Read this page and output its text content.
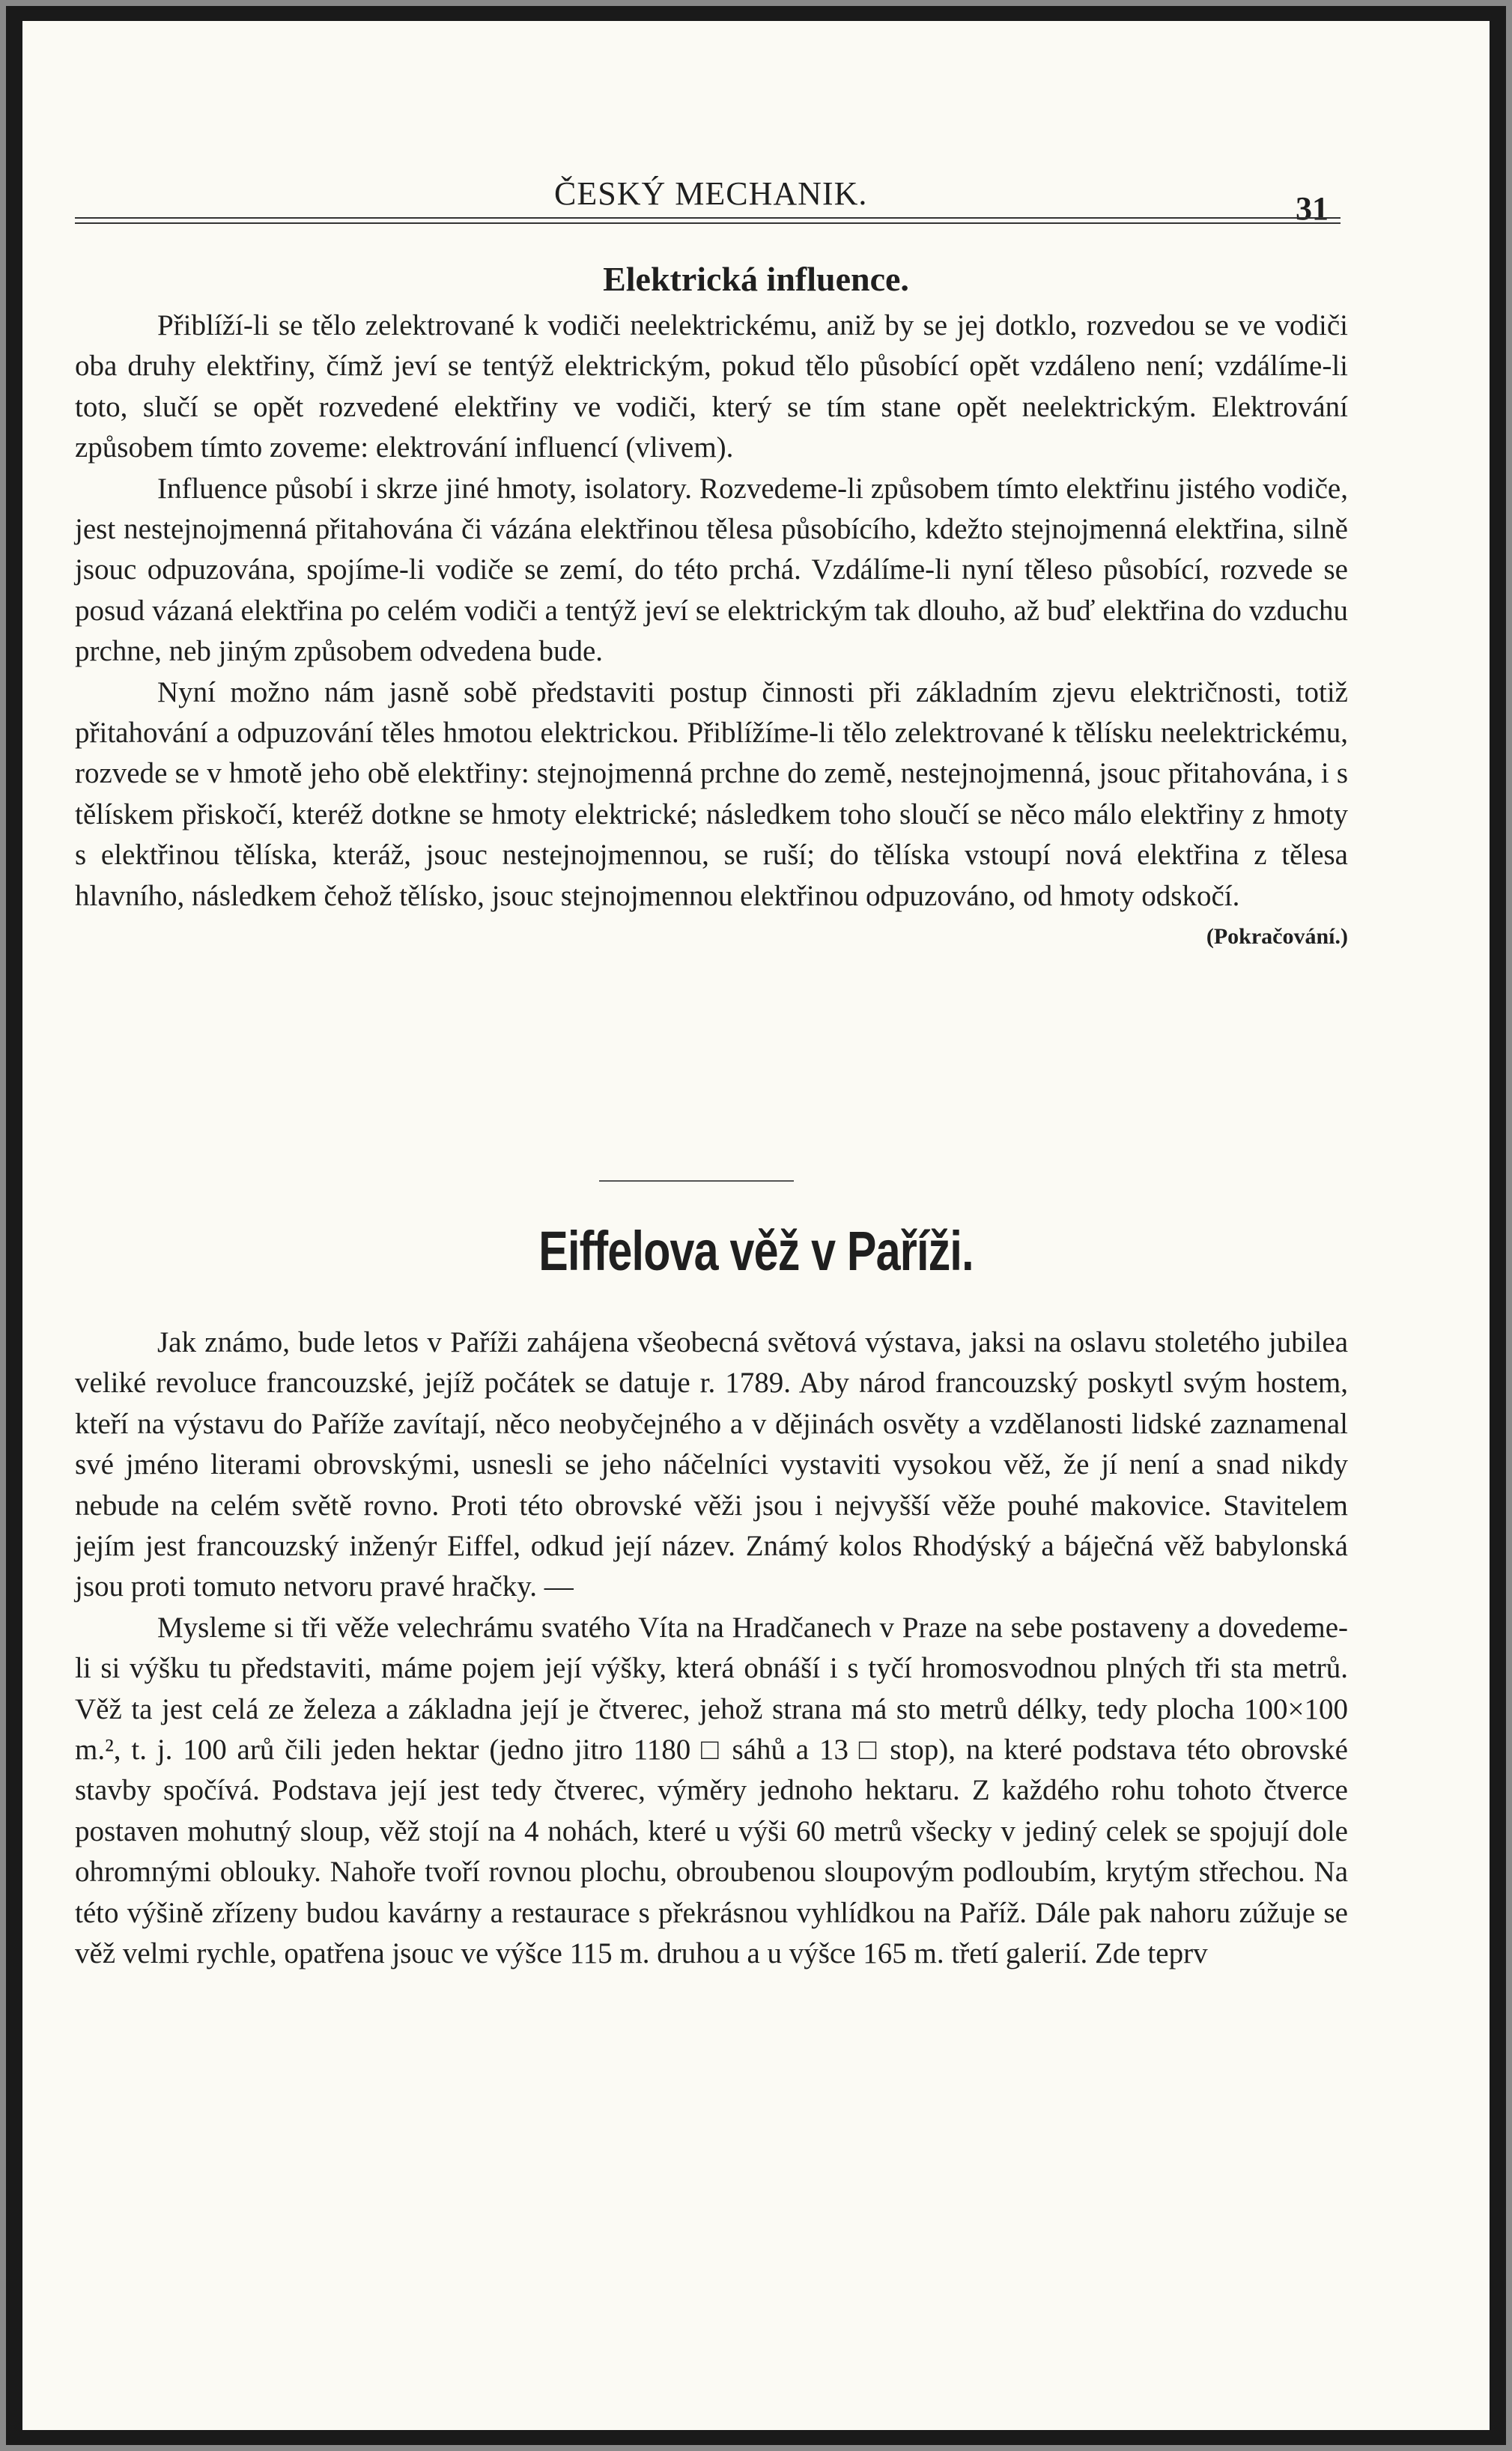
ČESKÝ MECHANIK.	31
Elektrická influence.

Přiblíží-li se tělo zelektrované k vodiči neelektrickému, aniž by se jej dotklo, rozvedou se ve vodiči oba druhy elektřiny, čímž jeví se tentýž elektrickým, pokud tělo působící opět vzdáleno není; vzdálíme-li toto, slučí se opět rozvedené elektřiny ve vodiči, který se tím stane opět neelektrickým. Elektrování způsobem tímto zoveme: elektrování influencí (vlivem).

Influence působí i skrze jiné hmoty, isolatory. Rozvedeme-li způsobem tímto elektřinu jistého vodiče, jest nestejnojmenná přitahována či vázána elektřinou tělesa působícího, kdežto stejnojmenná elektřina, silně jsouc odpuzována, spojíme-li vodiče se zemí, do této prchá. Vzdálíme-li nyní těleso působící, rozvede se posud vázaná elektřina po celém vodiči a tentýž jeví se elektrickým tak dlouho, až buď elektřina do vzduchu prchne, neb jiným způsobem odvedena bude.

Nyní možno nám jasně sobě představiti postup činnosti při základním zjevu električnosti, totiž přitahování a odpuzování těles hmotou elektrickou. Přiblížíme-li tělo zelektrované k tělísku neelektrickému, rozvede se v hmotě jeho obě elektřiny: stejnojmenná prchne do země, nestejnojmenná, jsouc přitahována, i s tělískem přiskočí, kteréž dotkne se hmoty elektrické; následkem toho sloučí se něco málo elektřiny z hmoty s elektřinou tělíska, kteráž, jsouc nestejnojmennou, se ruší; do tělíska vstoupí nová elektřina z tělesa hlavního, následkem čehož tělísko, jsouc stejnojmennou elektřinou odpuzováno, od hmoty odskočí.
(Pokračování.)

Eiffelova věž v Paříži.

Jak známo, bude letos v Paříži zahájena všeobecná světová výstava, jaksi na oslavu stoletého jubilea veliké revoluce francouzské, jejíž počátek se datuje r. 1789. Aby národ francouzský poskytl svým hostem, kteří na výstavu do Paříže zavítají, něco neobyčejného a v dějinách osvěty a vzdělanosti lidské zaznamenal své jméno literami obrovskými, usnesli se jeho náčelníci vystaviti vysokou věž, že jí není a snad nikdy nebude na celém světě rovno. Proti této obrovské věži jsou i nejvyšší věže pouhé makovice. Stavitelem jejím jest francouzský inženýr Eiffel, odkud její název. Známý kolos Rhodýský a báječná věž babylonská jsou proti tomuto netvoru pravé hračky. —

Mysleme si tři věže velechrámu svatého Víta na Hradčanech v Praze na sebe postaveny a dovedeme-li si výšku tu představiti, máme pojem její výšky, která obnáší i s tyčí hromosvodnou plných tři sta metrů. Věž ta jest celá ze železa a základna její je čtverec, jehož strana má sto metrů délky, tedy plocha 100×100 m.², t. j. 100 arů čili jeden hektar (jedno jitro 1180 □ sáhů a 13 □ stop), na které podstava této obrovské stavby spočívá. Podstava její jest tedy čtverec, výměry jednoho hektaru. Z každého rohu tohoto čtverce postaven mohutný sloup, věž stojí na 4 nohách, které u výši 60 metrů všecky v jediný celek se spojují dole ohromnými oblouky. Nahoře tvoří rovnou plochu, obroubenou sloupovým podloubím, krytým střechou. Na této výšině zřízeny budou kavárny a restaurace s překrásnou vyhlídkou na Paříž. Dále pak nahoru zúžuje se věž velmi rychle, opatřena jsouc ve výšce 115 m. druhou a u výšce 165 m. třetí galerií. Zde teprv
